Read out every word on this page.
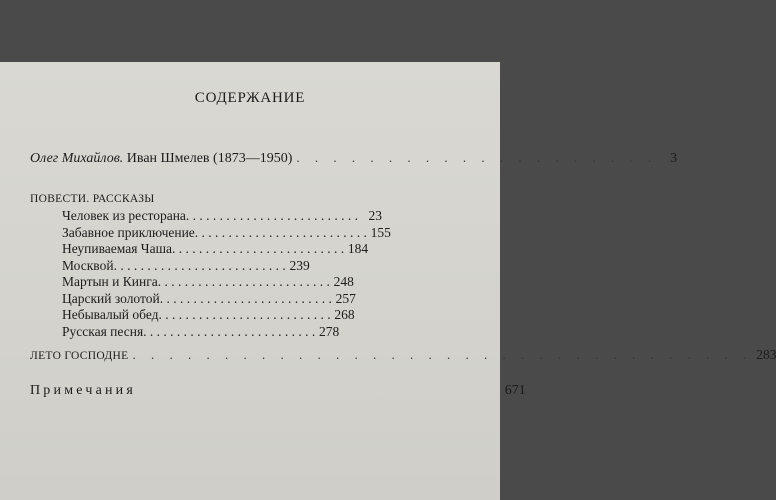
СОДЕРЖАНИЕ
Олег Михайлов. Иван Шмелев (1873—1950) . . . . . . . . . . . . . . . . . . . . 3
ПОВЕСТИ. РАССКАЗЫ
Человек из ресторана . . . . . . . . . . . . . . . . . . . . . . . . . . 23
Забавное приключение . . . . . . . . . . . . . . . . . . . . . . . . . . 155
Неупиваемая Чаша . . . . . . . . . . . . . . . . . . . . . . . . . . 184
Москвой . . . . . . . . . . . . . . . . . . . . . . . . . . 239
Мартын и Кинга . . . . . . . . . . . . . . . . . . . . . . . . . . 248
Царский золотой . . . . . . . . . . . . . . . . . . . . . . . . . . 257
Небывалый обед . . . . . . . . . . . . . . . . . . . . . . . . . . 268
Русская песня . . . . . . . . . . . . . . . . . . . . . . . . . . 278
ЛЕТО ГОСПОДНЕ . . . . . . . . . . . . . . . . . . . . . . . . . . . . . . . . . . 283
Примечания	671
